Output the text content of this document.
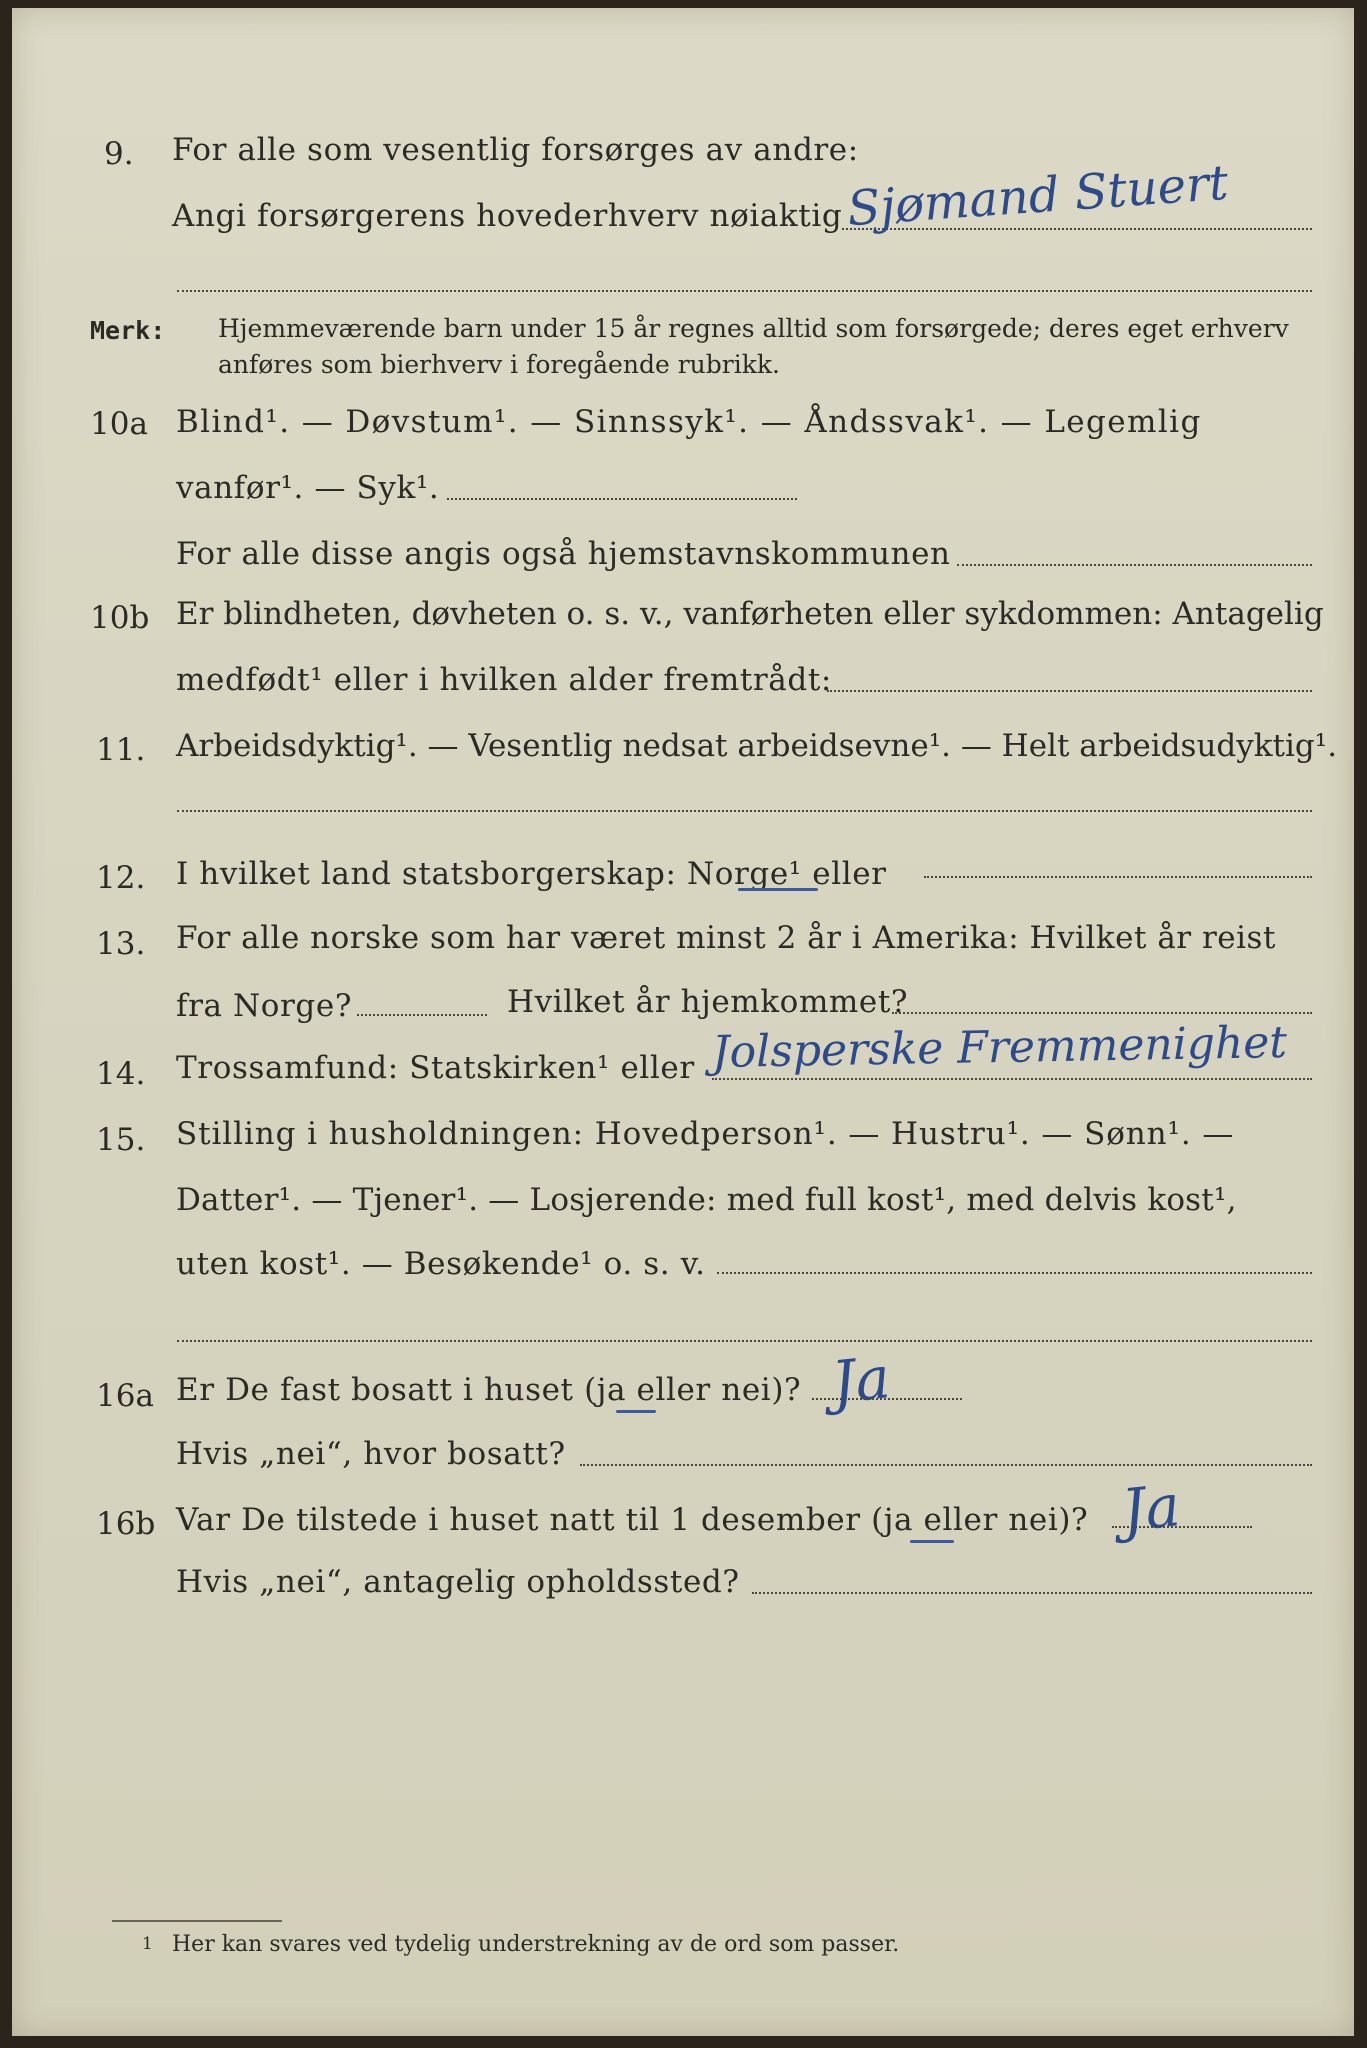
9. For alle som vesentlig forsørges av andre:
Angi forsørgerens hovederhverv nøiaktig Sjømand Stuert
Merk: Hjemmeværende barn under 15 år regnes alltid som forsørgede; deres eget erhverv
anføres som bierhverv i foregående rubrikk.
10a Blind¹. — Døvstum¹. — Sinnssyk¹. — Åndssvak¹. — Legemlig
vanfør¹. — Syk¹.
For alle disse angis også hjemstavnskommunen
10b Er blindheten, døvheten o. s. v., vanførheten eller sykdommen: Antagelig
medfødt¹ eller i hvilken alder fremtrådt:
11. Arbeidsdyktig¹. — Vesentlig nedsat arbeidsevne¹. — Helt arbeidsudyktig¹.
12. I hvilket land statsborgerskap: Norge¹ eller
13. For alle norske som har været minst 2 år i Amerika: Hvilket år reist
fra Norge?	Hvilket år hjemkommet?
14. Trossamfund: Statskirken¹ eller Jolsperske Fremmenighet
15. Stilling i husholdningen: Hovedperson¹. — Hustru¹. — Sønn¹. —
Datter¹. — Tjener¹. — Losjerende: med full kost¹, med delvis kost¹,
uten kost¹. — Besøkende¹ o. s. v.
16a Er De fast bosatt i huset (ja eller nei)? Ja
Hvis „nei“, hvor bosatt?
16b Var De tilstede i huset natt til 1 desember (ja eller nei)? Ja
Hvis „nei“, antagelig opholdssted?
1 Her kan svares ved tydelig understrekning av de ord som passer.
